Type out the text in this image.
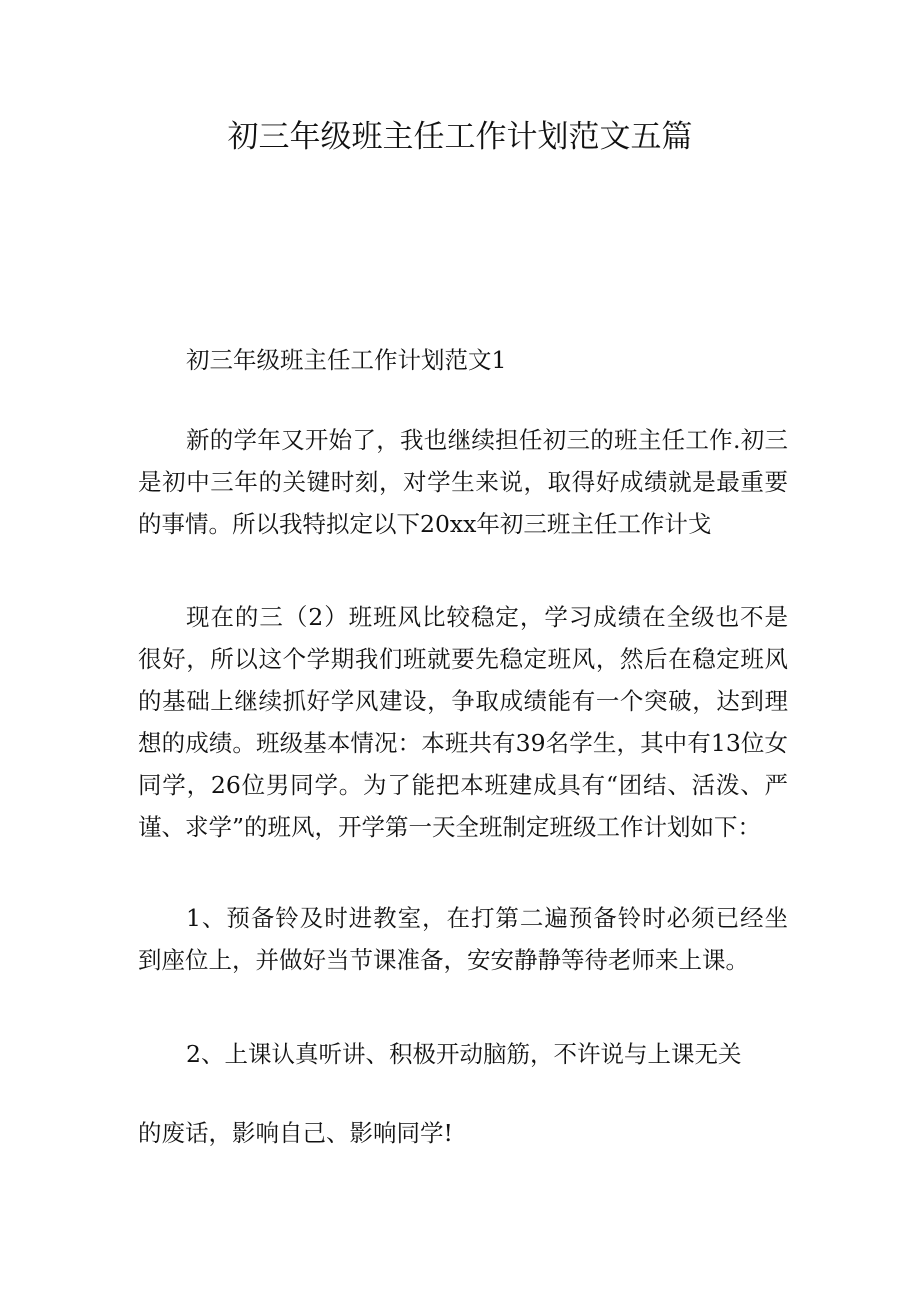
初三年级班主任工作计划范文五篇

初三年级班主任工作计划范文1

新的学年又开始了，我也继续担任初三的班主任工作.初三是初中三年的关键时刻，对学生来说，取得好成绩就是最重要的事情。所以我特拟定以下20xx年初三班主任工作计戈

现在的三（2）班班风比较稳定，学习成绩在全级也不是很好，所以这个学期我们班就要先稳定班风，然后在稳定班风的基础上继续抓好学风建设，争取成绩能有一个突破，达到理想的成绩。班级基本情况：本班共有39名学生，其中有13位女同学，26位男同学。为了能把本班建成具有“团结、活泼、严谨、求学”的班风，开学第一天全班制定班级工作计划如下：

1、预备铃及时进教室，在打第二遍预备铃时必须已经坐到座位上，并做好当节课准备，安安静静等待老师来上课。

2、上课认真听讲、积极开动脑筋，不许说与上课无关

的废话，影响自己、影响同学!
